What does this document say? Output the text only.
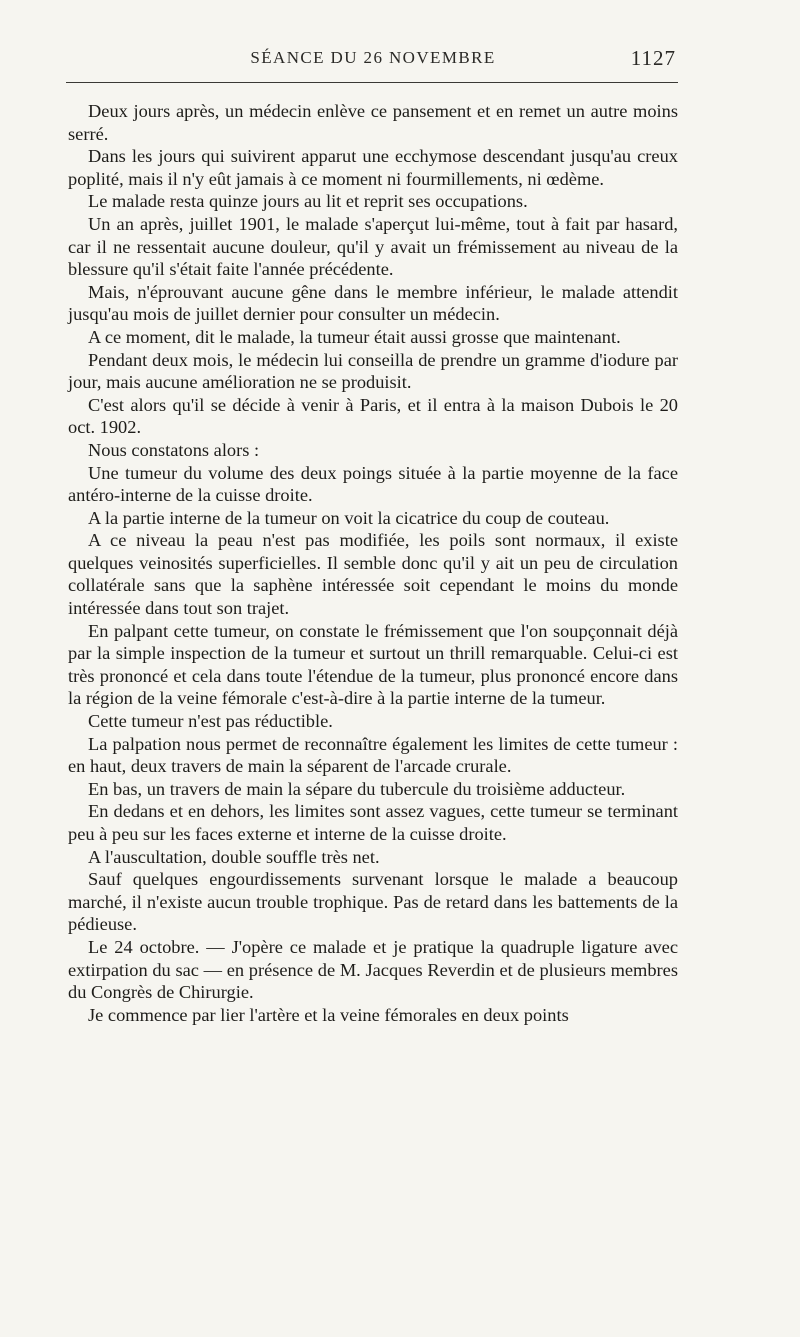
SÉANCE DU 26 NOVEMBRE	1127

Deux jours après, un médecin enlève ce pansement et en remet un autre moins serré.

Dans les jours qui suivirent apparut une ecchymose descendant jusqu'au creux poplité, mais il n'y eût jamais à ce moment ni fourmillements, ni œdème.

Le malade resta quinze jours au lit et reprit ses occupations.

Un an après, juillet 1901, le malade s'aperçut lui-même, tout à fait par hasard, car il ne ressentait aucune douleur, qu'il y avait un frémissement au niveau de la blessure qu'il s'était faite l'année précédente.

Mais, n'éprouvant aucune gêne dans le membre inférieur, le malade attendit jusqu'au mois de juillet dernier pour consulter un médecin.

A ce moment, dit le malade, la tumeur était aussi grosse que maintenant.

Pendant deux mois, le médecin lui conseilla de prendre un gramme d'iodure par jour, mais aucune amélioration ne se produisit.

C'est alors qu'il se décide à venir à Paris, et il entra à la maison Dubois le 20 oct. 1902.

Nous constatons alors :

Une tumeur du volume des deux poings située à la partie moyenne de la face antéro-interne de la cuisse droite.

A la partie interne de la tumeur on voit la cicatrice du coup de couteau.

A ce niveau la peau n'est pas modifiée, les poils sont normaux, il existe quelques veinosités superficielles. Il semble donc qu'il y ait un peu de circulation collatérale sans que la saphène intéressée soit cependant le moins du monde intéressée dans tout son trajet.

En palpant cette tumeur, on constate le frémissement que l'on soupçonnait déjà par la simple inspection de la tumeur et surtout un thrill remarquable. Celui-ci est très prononcé et cela dans toute l'étendue de la tumeur, plus prononcé encore dans la région de la veine fémorale c'est-à-dire à la partie interne de la tumeur.

Cette tumeur n'est pas réductible.

La palpation nous permet de reconnaître également les limites de cette tumeur : en haut, deux travers de main la séparent de l'arcade crurale.

En bas, un travers de main la sépare du tubercule du troisième adducteur.

En dedans et en dehors, les limites sont assez vagues, cette tumeur se terminant peu à peu sur les faces externe et interne de la cuisse droite.

A l'auscultation, double souffle très net.

Sauf quelques engourdissements survenant lorsque le malade a beaucoup marché, il n'existe aucun trouble trophique. Pas de retard dans les battements de la pédieuse.

Le 24 octobre. — J'opère ce malade et je pratique la quadruple ligature avec extirpation du sac — en présence de M. Jacques Reverdin et de plusieurs membres du Congrès de Chirurgie.

Je commence par lier l'artère et la veine fémorales en deux points
